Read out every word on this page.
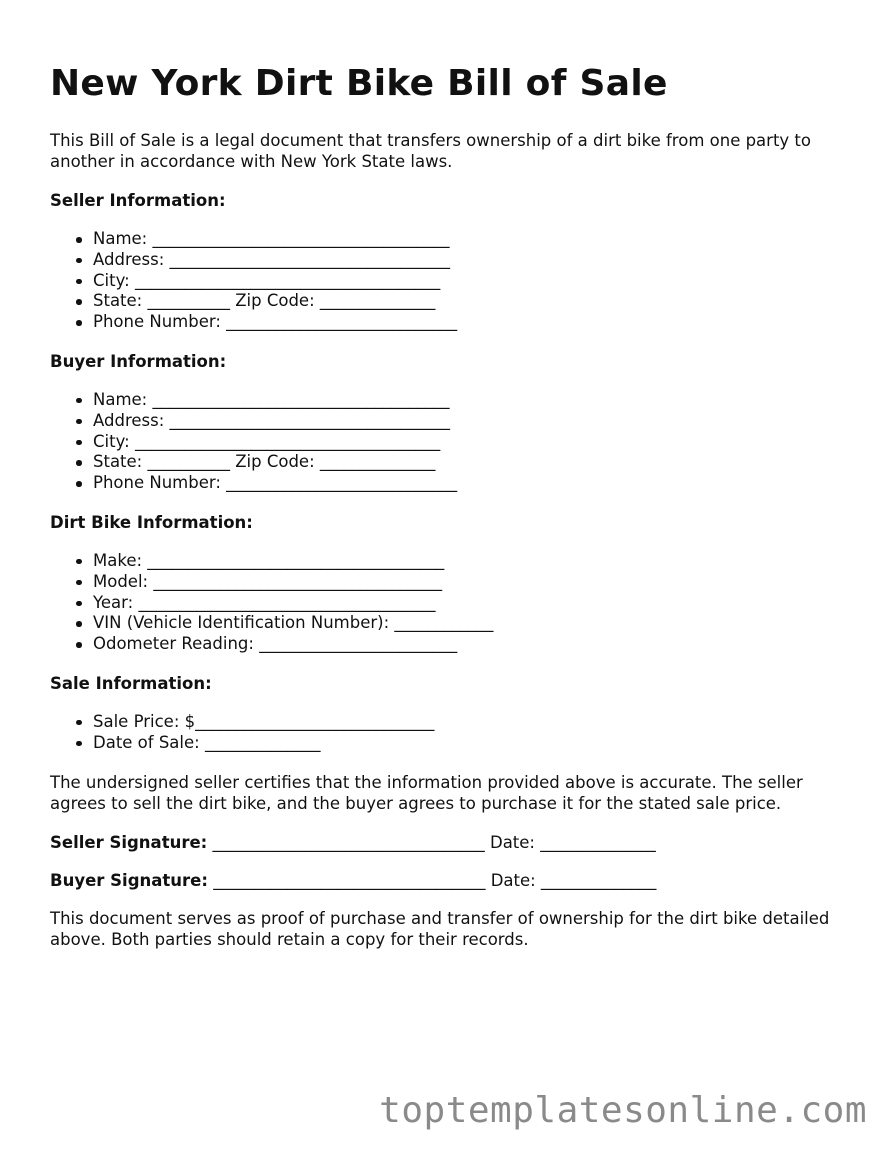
New York Dirt Bike Bill of Sale

This Bill of Sale is a legal document that transfers ownership of a dirt bike from one party to another in accordance with New York State laws.

Seller Information:
Name: ____________________________________
Address: __________________________________
City: _____________________________________
State: __________ Zip Code: ______________
Phone Number: ____________________________
Buyer Information:
Name: ____________________________________
Address: __________________________________
City: _____________________________________
State: __________ Zip Code: ______________
Phone Number: ____________________________
Dirt Bike Information:
Make: ____________________________________
Model: ___________________________________
Year: ____________________________________
VIN (Vehicle Identification Number): ____________
Odometer Reading: ________________________
Sale Information:
Sale Price: $_____________________________
Date of Sale: ______________

The undersigned seller certifies that the information provided above is accurate. The seller agrees to sell the dirt bike, and the buyer agrees to purchase it for the stated sale price.

Seller Signature: _________________________________ Date: ______________
Buyer Signature: _________________________________ Date: ______________

This document serves as proof of purchase and transfer of ownership for the dirt bike detailed above. Both parties should retain a copy for their records.

toptemplatesonline.com
